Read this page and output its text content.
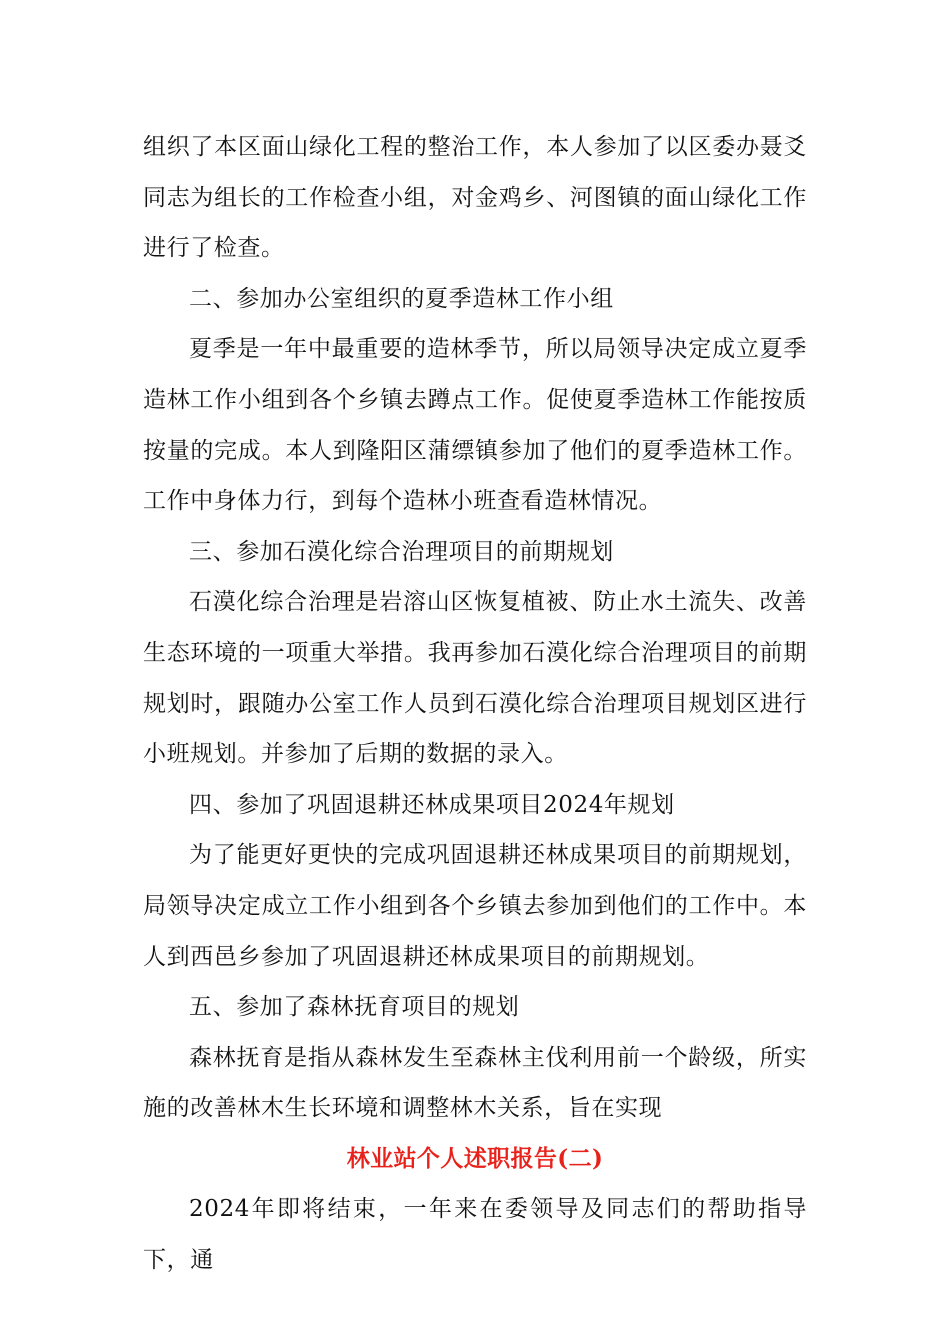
组织了本区面山绿化工程的整治工作，本人参加了以区委办聂爻同志为组长的工作检查小组，对金鸡乡、河图镇的面山绿化工作进行了检查。

二、参加办公室组织的夏季造林工作小组

夏季是一年中最重要的造林季节，所以局领导决定成立夏季造林工作小组到各个乡镇去蹲点工作。促使夏季造林工作能按质按量的完成。本人到隆阳区蒲缥镇参加了他们的夏季造林工作。工作中身体力行，到每个造林小班查看造林情况。

三、参加石漠化综合治理项目的前期规划

石漠化综合治理是岩溶山区恢复植被、防止水土流失、改善生态环境的一项重大举措。我再参加石漠化综合治理项目的前期规划时，跟随办公室工作人员到石漠化综合治理项目规划区进行小班规划。并参加了后期的数据的录入。

四、参加了巩固退耕还林成果项目2024年规划

为了能更好更快的完成巩固退耕还林成果项目的前期规划，局领导决定成立工作小组到各个乡镇去参加到他们的工作中。本人到西邑乡参加了巩固退耕还林成果项目的前期规划。

五、参加了森林抚育项目的规划

森林抚育是指从森林发生至森林主伐利用前一个龄级，所实施的改善林木生长环境和调整林木关系，旨在实现

林业站个人述职报告(二)

2024年即将结束，一年来在委领导及同志们的帮助指导下，通
